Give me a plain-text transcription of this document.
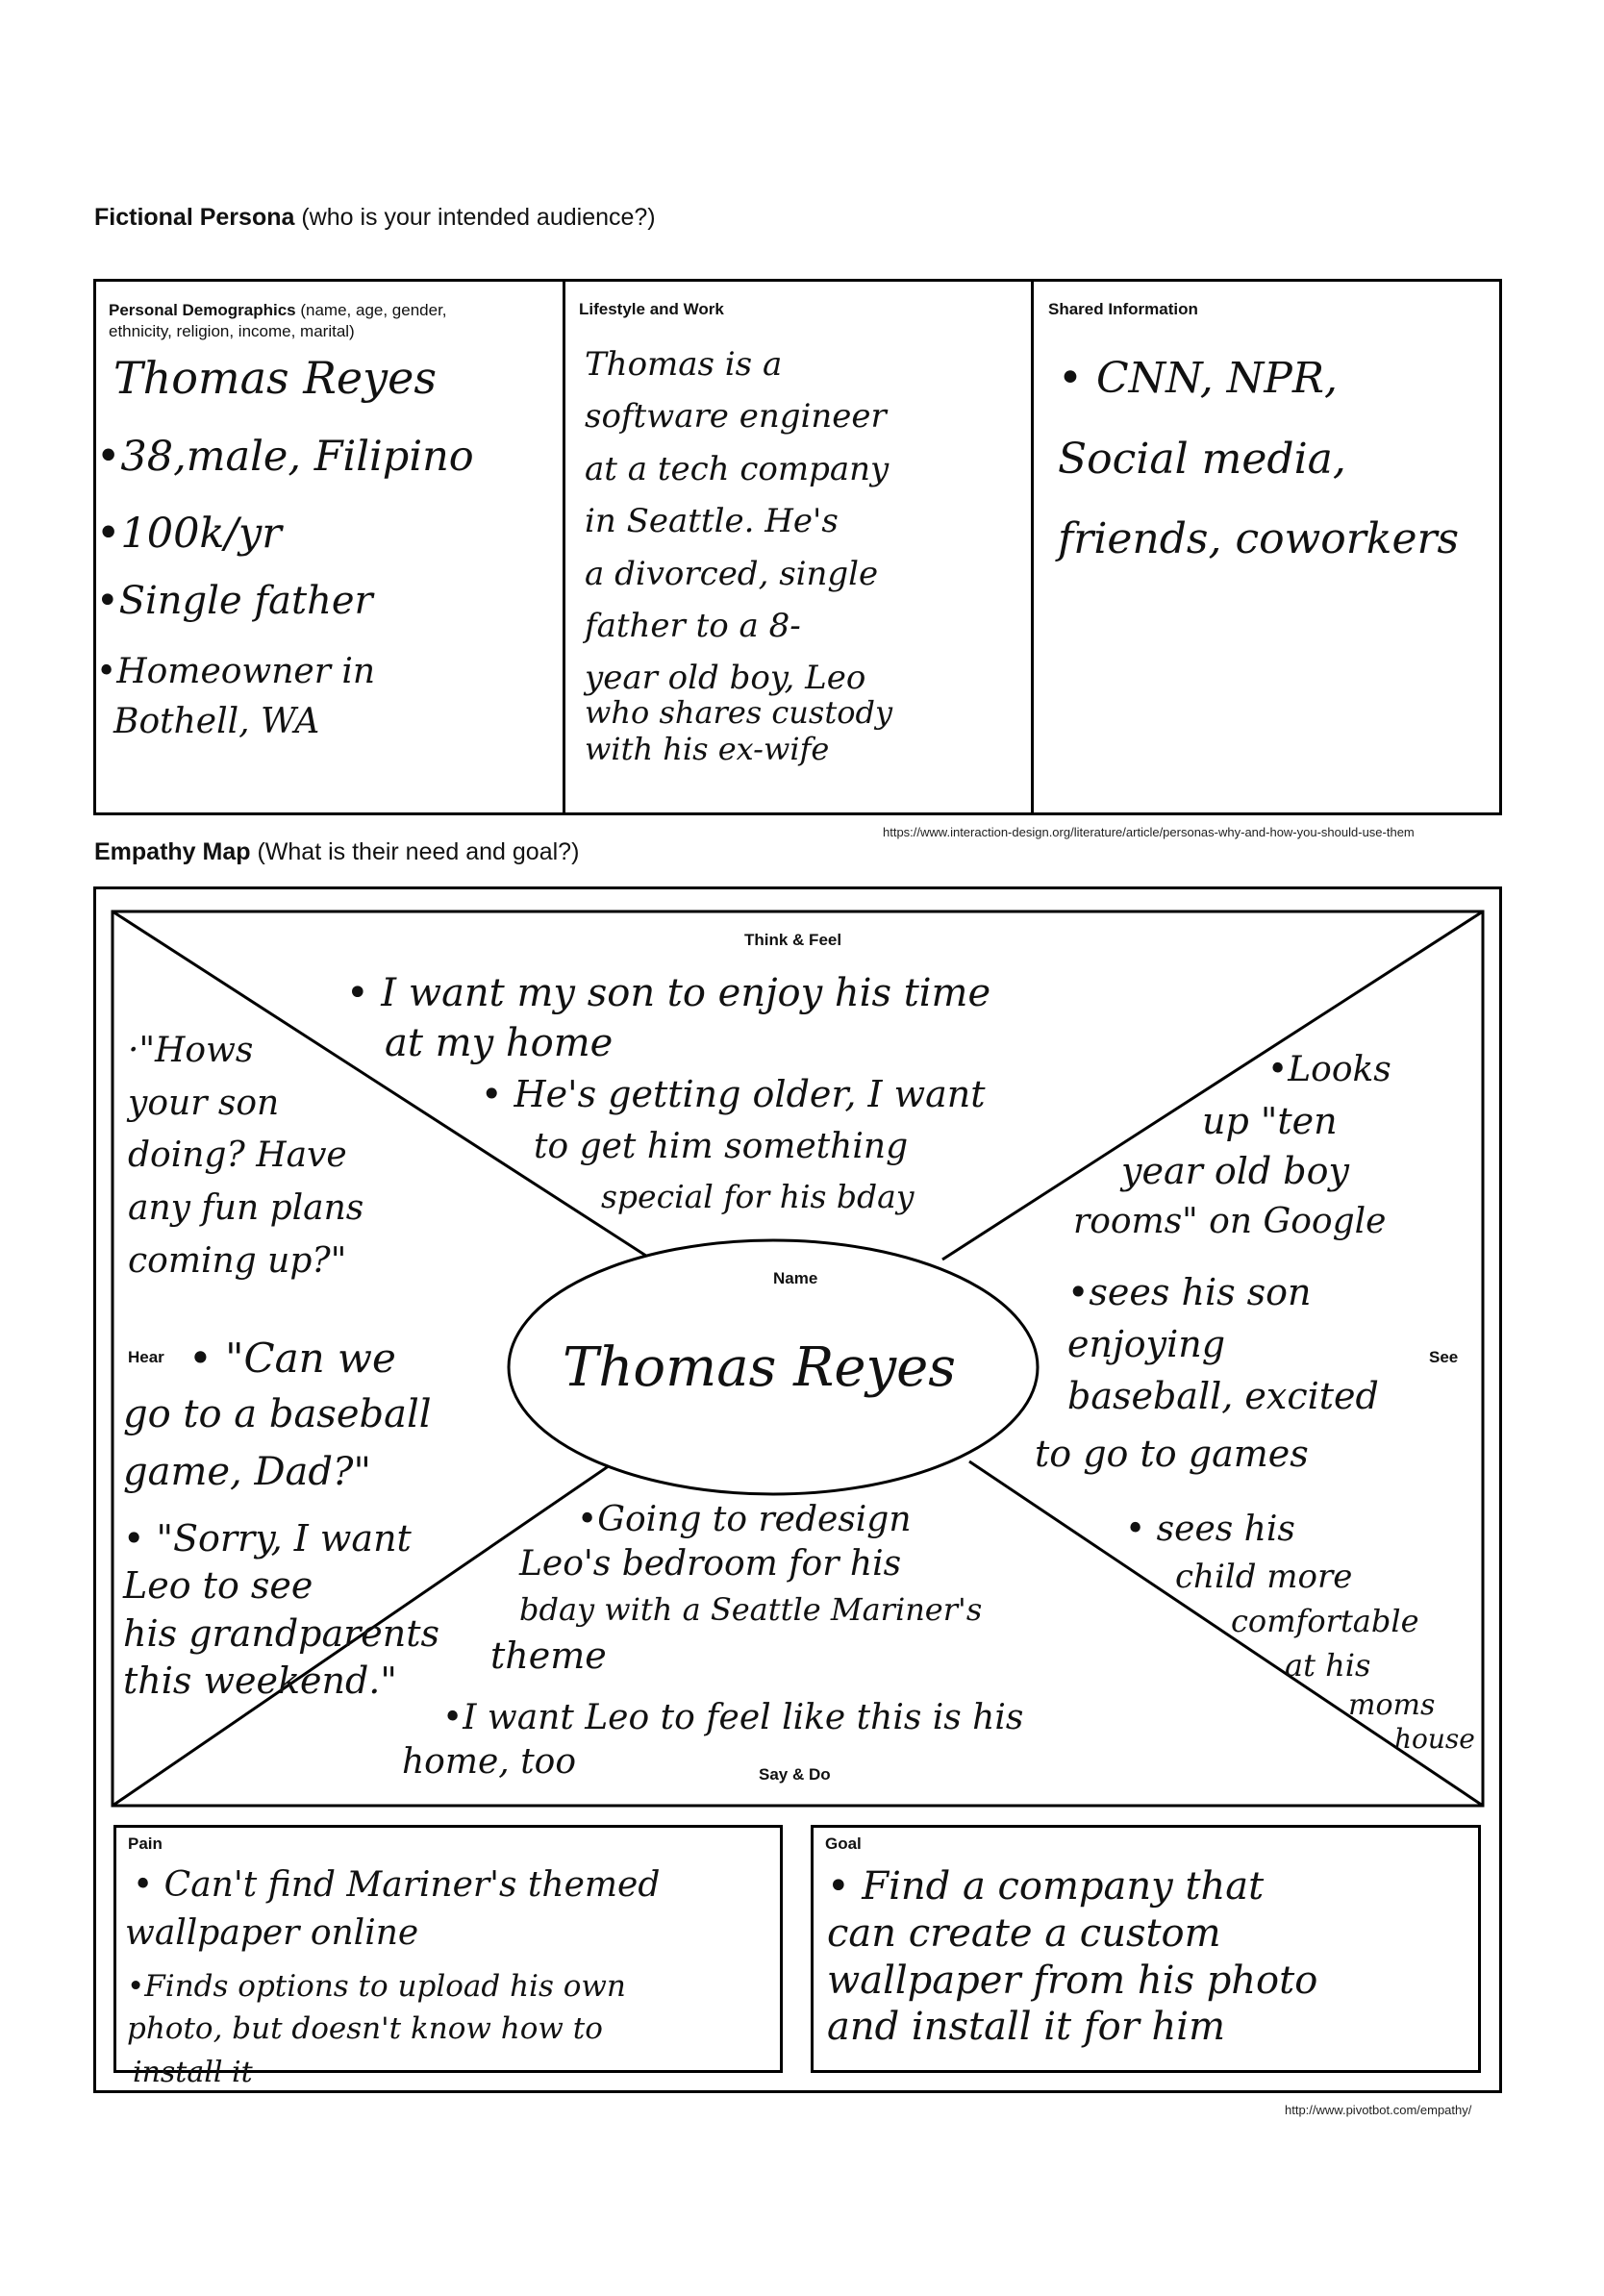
Fictional Persona (who is your intended audience?)
Personal Demographics (name, age, gender,
ethnicity, religion, income, marital)
Thomas Reyes
•38,male, Filipino
•100k/yr
•Single father
•Homeowner in
Bothell, WA
Lifestyle and Work
Thomas is a
software engineer
at a tech company
in Seattle. He's
a divorced, single
father to a 8-
year old boy, Leo
who shares custody
with his ex-wife
Shared Information
• CNN, NPR,
Social media,
friends, coworkers
https://www.interaction-design.org/literature/article/personas-why-and-how-you-should-use-them
Empathy Map (What is their need and goal?)
Think & Feel
Name
Hear	See
Say & Do
Thomas Reyes
• I want my son to enjoy his time
at my home
• He's getting older, I want
to get him something
special for his bday
·"Hows
your son
doing? Have
any fun plans
coming up?"
• "Can we
go to a baseball
game, Dad?"
• "Sorry, I want
Leo to see
his grandparents
this weekend."
•Looks
up "ten
year old boy
rooms" on Google
•sees his son
enjoying
baseball, excited
to go to games
• sees his
child more
comfortable
at his
moms
house
•Going to redesign
Leo's bedroom for his
bday with a Seattle Mariner's
theme
•I want Leo to feel like this is his
home, too
Pain
• Can't find Mariner's themed
wallpaper online
•Finds options to upload his own
photo, but doesn't know how to
install it
Goal
• Find a company that
can create a custom
wallpaper from his photo
and install it for him
http://www.pivotbot.com/empathy/
